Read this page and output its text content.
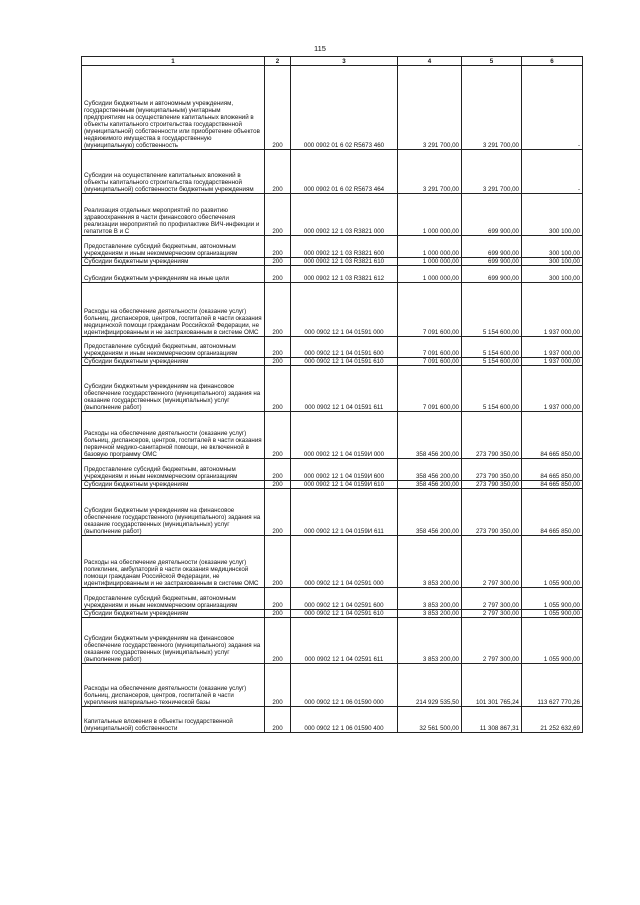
115
1	2	3	4	5	6
Субсидии бюджетным и автономным учреждениям, государственным (муниципальным) унитарным предприятиям на осуществление капитальных вложений в объекты капитального строительства государственной (муниципальной) собственности или приобретение объектов недвижимого имущества в государственную (муниципальную) собственность	200	000 0902 01 6 02 R5673 460	3 291 700,00	3 291 700,00	-
Субсидии на осуществление капитальных вложений в объекты капитального строительства государственной (муниципальной) собственности бюджетным учреждениям	200	000 0902 01 6 02 R5673 464	3 291 700,00	3 291 700,00	-
Реализация отдельных мероприятий по развитию здравоохранения в части финансового обеспечения реализации мероприятий по профилактике ВИЧ-инфекции и гепатитов В и С	200	000 0902 12 1 03 R3821 000	1 000 000,00	699 900,00	300 100,00
Предоставление субсидий бюджетным, автономным учреждениям и иным некоммерческим организациям	200	000 0902 12 1 03 R3821 600	1 000 000,00	699 900,00	300 100,00
Субсидии бюджетным учреждениям	200	000 0902 12 1 03 R3821 610	1 000 000,00	699 900,00	300 100,00
Субсидии бюджетным учреждениям на иные цели	200	000 0902 12 1 03 R3821 612	1 000 000,00	699 900,00	300 100,00
Расходы на обеспечение деятельности (оказание услуг) больниц, диспансеров, центров, госпиталей в части оказания медицинской помощи гражданам Российской Федерации, не идентифицированным и не застрахованным в системе ОМС	200	000 0902 12 1 04 01591 000	7 091 600,00	5 154 600,00	1 937 000,00
Предоставление субсидий бюджетным, автономным учреждениям и иным некоммерческим организациям	200	000 0902 12 1 04 01591 600	7 091 600,00	5 154 600,00	1 937 000,00
Субсидии бюджетным учреждениям	200	000 0902 12 1 04 01591 610	7 091 600,00	5 154 600,00	1 937 000,00
Субсидии бюджетным учреждениям на финансовое обеспечение государственного (муниципального) задания на оказание государственных (муниципальных) услуг (выполнение работ)	200	000 0902 12 1 04 01591 611	7 091 600,00	5 154 600,00	1 937 000,00
Расходы на обеспечение деятельности (оказание услуг) больниц, диспансеров, центров, госпиталей в части оказания первичной медико-санитарной помощи, не включенной в базовую программу ОМС	200	000 0902 12 1 04 0159И 000	358 456 200,00	273 790 350,00	84 665 850,00
Предоставление субсидий бюджетным, автономным учреждениям и иным некоммерческим организациям	200	000 0902 12 1 04 0159И 600	358 456 200,00	273 790 350,00	84 665 850,00
Субсидии бюджетным учреждениям	200	000 0902 12 1 04 0159И 610	358 456 200,00	273 790 350,00	84 665 850,00
Субсидии бюджетным учреждениям на финансовое обеспечение государственного (муниципального) задания на оказание государственных (муниципальных) услуг (выполнение работ)	200	000 0902 12 1 04 0159И 611	358 456 200,00	273 790 350,00	84 665 850,00
Расходы на обеспечение деятельности (оказание услуг) поликлиник, амбулаторий в части оказания медицинской помощи гражданам Российской Федерации, не идентифицированным и не застрахованным в системе ОМС	200	000 0902 12 1 04 02591 000	3 853 200,00	2 797 300,00	1 055 900,00
Предоставление субсидий бюджетным, автономным учреждениям и иным некоммерческим организациям	200	000 0902 12 1 04 02591 600	3 853 200,00	2 797 300,00	1 055 900,00
Субсидии бюджетным учреждениям	200	000 0902 12 1 04 02591 610	3 853 200,00	2 797 300,00	1 055 900,00
Субсидии бюджетным учреждениям на финансовое обеспечение государственного (муниципального) задания на оказание государственных (муниципальных) услуг (выполнение работ)	200	000 0902 12 1 04 02591 611	3 853 200,00	2 797 300,00	1 055 900,00
Расходы на обеспечение деятельности (оказание услуг) больниц, диспансеров, центров, госпиталей в части укрепления материально-технической базы	200	000 0902 12 1 06 01590 000	214 929 535,50	101 301 765,24	113 627 770,26
Капитальные вложения в объекты государственной (муниципальной) собственности	200	000 0902 12 1 06 01590 400	32 561 500,00	11 308 867,31	21 252 632,69
